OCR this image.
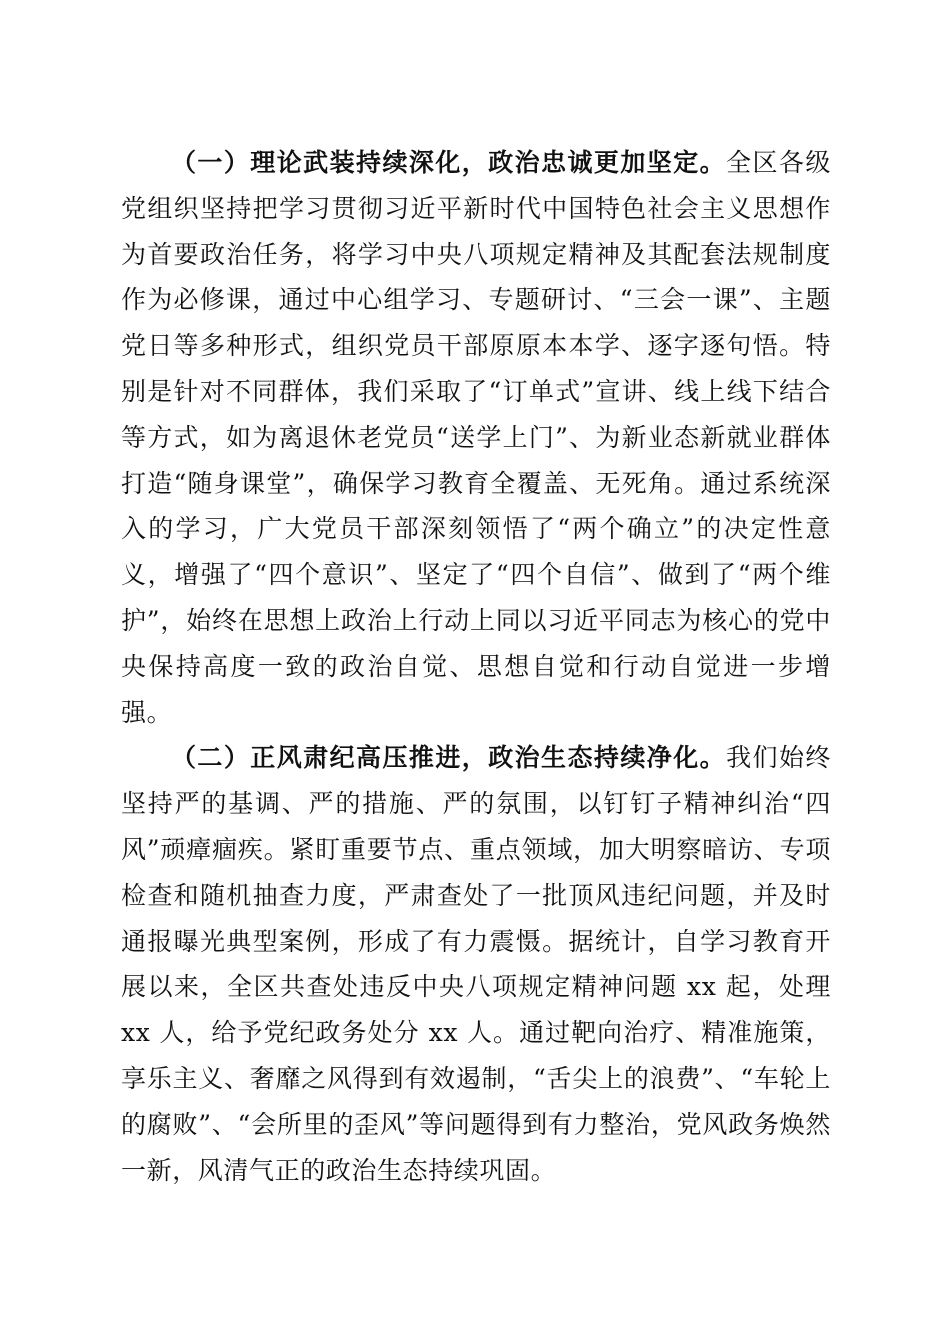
（一）理论武装持续深化，政治忠诚更加坚定。全区各级党组织坚持把学习贯彻习近平新时代中国特色社会主义思想作为首要政治任务，将学习中央八项规定精神及其配套法规制度作为必修课，通过中心组学习、专题研讨、“三会一课”、主题党日等多种形式，组织党员干部原原本本学、逐字逐句悟。特别是针对不同群体，我们采取了“订单式”宣讲、线上线下结合等方式，如为离退休老党员“送学上门”、为新业态新就业群体打造“随身课堂”，确保学习教育全覆盖、无死角。通过系统深入的学习，广大党员干部深刻领悟了“两个确立”的决定性意义，增强了“四个意识”、坚定了“四个自信”、做到了“两个维护”，始终在思想上政治上行动上同以习近平同志为核心的党中央保持高度一致的政治自觉、思想自觉和行动自觉进一步增强。

（二）正风肃纪高压推进，政治生态持续净化。我们始终坚持严的基调、严的措施、严的氛围，以钉钉子精神纠治“四风”顽瘴痼疾。紧盯重要节点、重点领域，加大明察暗访、专项检查和随机抽查力度，严肃查处了一批顶风违纪问题，并及时通报曝光典型案例，形成了有力震慑。据统计，自学习教育开展以来，全区共查处违反中央八项规定精神问题 xx 起，处理 xx 人，给予党纪政务处分 xx 人。通过靶向治疗、精准施策，享乐主义、奢靡之风得到有效遏制，“舌尖上的浪费”、“车轮上的腐败”、“会所里的歪风”等问题得到有力整治，党风政务焕然一新，风清气正的政治生态持续巩固。
